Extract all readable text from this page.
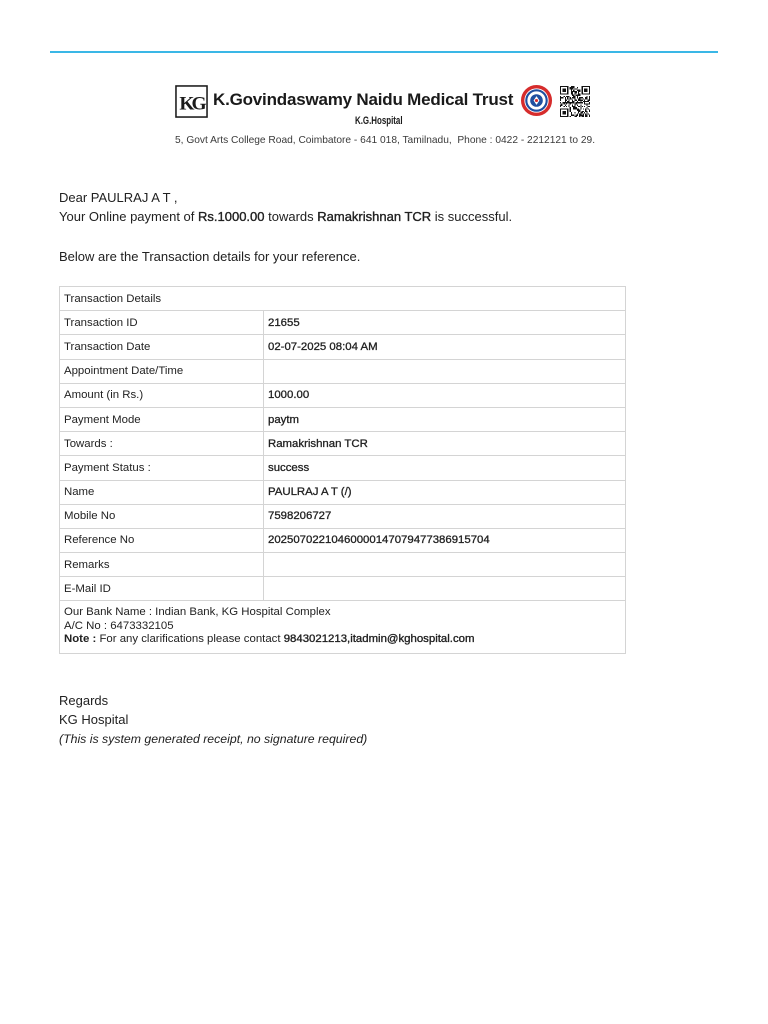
KG K.Govindaswamy Naidu Medical Trust
K.G.Hospital
5, Govt Arts College Road, Coimbatore - 641 018, Tamilnadu,  Phone : 0422 - 2212121 to 29.
Dear PAULRAJ A T ,
Your Online payment of Rs.1000.00 towards Ramakrishnan TCR is successful.
Below are the Transaction details for your reference.
Transaction Details	
Transaction ID	21655
Transaction Date	02-07-2025 08:04 AM
Appointment Date/Time	
Amount (in Rs.)	1000.00
Payment Mode	paytm
Towards :	Ramakrishnan TCR
Payment Status :	success
Name	PAULRAJ A T (/)
Mobile No	7598206727
Reference No	20250702210460000147079477386915704
Remarks	
E-Mail ID	

Our Bank Name : Indian Bank, KG Hospital Complex
A/C No : 6473332105
Note : For any clarifications please contact 9843021213,itadmin@kghospital.com	
Regards
KG Hospital
(This is system generated receipt, no signature required)
